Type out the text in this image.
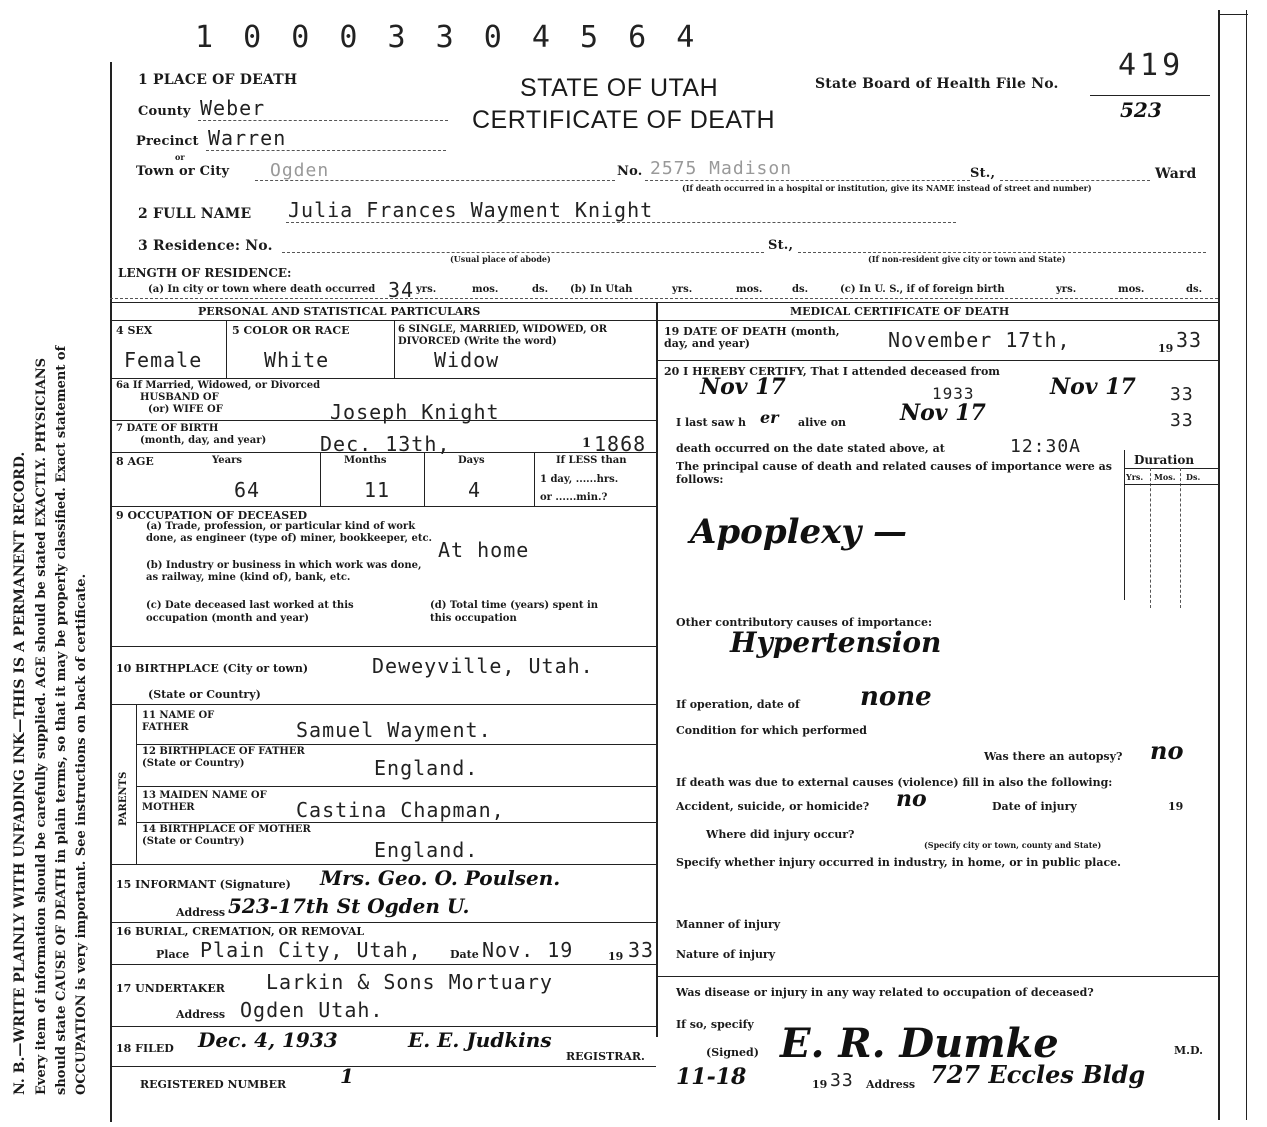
N. B.—WRITE PLAINLY WITH UNFADING INK—THIS IS A PERMANENT RECORD. Every item of information should be carefully supplied. AGE should be stated EXACTLY. PHYSICIANS should state CAUSE OF DEATH in plain terms, so that it may be properly classified. Exact statement of OCCUPATION is very important. See instructions on back of certificate.
1 0 0 0 3 3 0 4 5 6 4
419
523
STATE OF UTAH
CERTIFICATE OF DEATH
State Board of Health File No.
1 PLACE OF DEATH
County Weber
Precinct Warren
or
Town or City Ogden	No. 2575 Madison	St.,	Ward
(If death occurred in a hospital or institution, give its NAME instead of street and number)
2 FULL NAME Julia Frances Wayment Knight
3 Residence: No.	St.,
(Usual place of abode)	(If non-resident give city or town and State)
LENGTH OF RESIDENCE:
(a) In city or town where death occurred 34 yrs.	mos.	ds. (b) In Utah	yrs.	mos.	ds.	(c) In U. S., if of foreign birth	yrs.	mos.	ds.
PERSONAL AND STATISTICAL PARTICULARS	MEDICAL CERTIFICATE OF DEATH
4 SEX
Female
5 COLOR OR RACE
White
6 SINGLE, MARRIED, WIDOWED, OR DIVORCED (Write the word)
Widow
6a If Married, Widowed, or Divorced
HUSBAND OF
(or) WIFE OF	Joseph Knight
7 DATE OF BIRTH
(month, day, and year)	Dec. 13th,	1868
1
8 AGE	Years	Months	Days	If LESS than
1 day, ......hrs.
or ......min.?
64	11	4
9 OCCUPATION OF DECEASED
(a) Trade, profession, or particular kind of work done, as engineer (type of) miner, bookkeeper, etc. At home
(b) Industry or business in which work was done, as railway, mine (kind of), bank, etc.
(c) Date deceased last worked at this occupation (month and year)
(d) Total time (years) spent in this occupation
10 BIRTHPLACE (City or town)	Deweyville, Utah.
(State or Country)
PARENTS
11 NAME OF FATHER	Samuel Wayment.
12 BIRTHPLACE OF FATHER (State or Country)	England.
13 MAIDEN NAME OF MOTHER	Castina Chapman,
14 BIRTHPLACE OF MOTHER (State or Country)	England.
15 INFORMANT (Signature) Mrs. Geo. O. Poulsen.
Address 523-17th St Ogden U.
16 BURIAL, CREMATION, OR REMOVAL
Place Plain City, Utah,	Date Nov. 19	19 33
17 UNDERTAKER Larkin & Sons Mortuary
Address Ogden Utah.
18 FILED Dec. 4, 1933	E. E. Judkins
REGISTRAR.
REGISTERED NUMBER	1
19 DATE OF DEATH (month, day, and year)	November 17th,	19 33
20 I HEREBY CERTIFY, That I attended deceased from
Nov 17	Nov 17
1933	33
I last saw h er alive on Nov 17	33
death occurred on the date stated above, at	12:30A
The principal cause of death and related causes of importance were as follows:
Duration
Yrs. Mos. Ds.
Apoplexy —
Other contributory causes of importance:
Hypertension
If operation, date of none
Condition for which performed
Was there an autopsy? no
If death was due to external causes (violence) fill in also the following:
Accident, suicide, or homicide? no	Date of injury	19
Where did injury occur?
(Specify city or town, county and State)
Specify whether injury occurred in industry, in home, or in public place.
Manner of injury
Nature of injury
Was disease or injury in any way related to occupation of deceased?
If so, specify
(Signed) E. R. Dumke	M.D.
11-18	19 33 Address 727 Eccles Bldg
